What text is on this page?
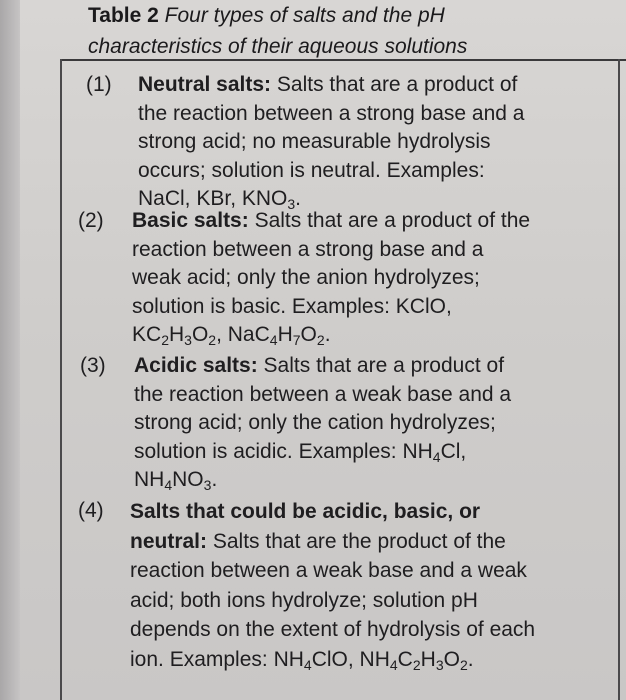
Table 2 Four types of salts and the pH
characteristics of their aqueous solutions
(1) Neutral salts: Salts that are a product of
the reaction between a strong base and a
strong acid; no measurable hydrolysis
occurs; solution is neutral. Examples:
NaCl, KBr, $KNO_3$.
(2) Basic salts: Salts that are a product of the
reaction between a strong base and a
weak acid; only the anion hydrolyzes;
solution is basic. Examples: KClO,
$KC_2H_3O_2$, $NaC_4H_7O_2$.
(3) Acidic salts: Salts that are a product of
the reaction between a weak base and a
strong acid; only the cation hydrolyzes;
solution is acidic. Examples: $NH_4Cl$,
$NH_4NO_3$.
(4) Salts that could be acidic, basic, or
neutral: Salts that are the product of the
reaction between a weak base and a weak
acid; both ions hydrolyze; solution pH
depends on the extent of hydrolysis of each
ion. Examples: $NH_4ClO$, $NH_4C_2H_3O_2$.
